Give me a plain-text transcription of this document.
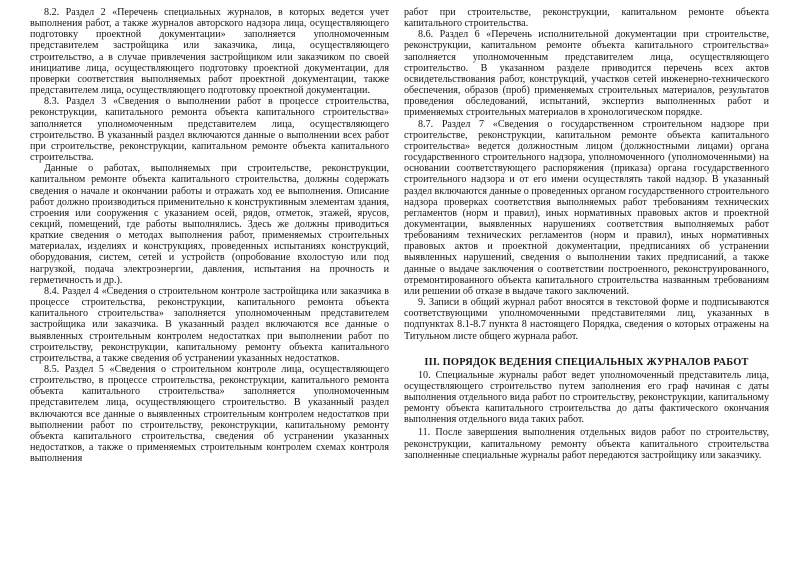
8.2. Раздел 2 «Перечень специальных журналов, в которых ведется учет выполнения работ, а также журналов авторского надзора лица, осуществляющего подготовку проектной документации» заполняется уполномоченным представителем застройщика или заказчика, лица, осуществляющего строительство, а в случае привлечения застройщиком или заказчиком по своей инициативе лица, осуществляющего подготовку проектной документации, для проверки соответствия выполняемых работ проектной документации, также представителем лица, осуществляющего подготовку проектной документации.

8.3. Раздел 3 «Сведения о выполнении работ в процессе строительства, реконструкции, капитального ремонта объекта капитального строительства» заполняется уполномоченным представителем лица, осуществляющего строительство. В указанный раздел включаются данные о выполнении всех работ при строительстве, реконструкции, капитальном ремонте объекта капитального строительства.

Данные о работах, выполняемых при строительстве, реконструкции, капитальном ремонте объекта капитального строительства, должны содержать сведения о начале и окончании работы и отражать ход ее выполнения. Описание работ должно производиться применительно к конструктивным элементам здания, строения или сооружения с указанием осей, рядов, отметок, этажей, ярусов, секций, помещений, где работы выполнялись. Здесь же должны приводиться краткие сведения о методах выполнения работ, применяемых строительных материалах, изделиях и конструкциях, проведенных испытаниях конструкций, оборудования, систем, сетей и устройств (опробование вхолостую или под нагрузкой, подача электроэнергии, давления, испытания на прочность и герметичность и др.).

8.4. Раздел 4 «Сведения о строительном контроле застройщика или заказчика в процессе строительства, реконструкции, капитального ремонта объекта капитального строительства» заполняется уполномоченным представителем застройщика или заказчика. В указанный раздел включаются все данные о выявленных строительным контролем недостатках при выполнении работ по строительству, реконструкции, капитальному ремонту объекта капитального строительства, а также сведения об устранении указанных недостатков.

8.5. Раздел 5 «Сведения о строительном контроле лица, осуществляющего строительство, в процессе строительства, реконструкции, капитального ремонта объекта капитального строительства» заполняется уполномоченным представителем лица, осуществляющего строительство. В указанный раздел включаются все данные о выявленных строительным контролем недостатков при выполнении работ по строительству, реконструкции, капитальному ремонту объекта капитального строительства, сведения об устранении указанных недостатков, а также о применяемых строительным контролем схемах контроля выполнения

работ при строительстве, реконструкции, капитальном ремонте объекта капитального строительства.

8.6. Раздел 6 «Перечень исполнительной документации при строительстве, реконструкции, капитальном ремонте объекта капитального строительства» заполняется уполномоченным представителем лица, осуществляющего строительство. В указанном разделе приводится перечень всех актов освидетельствования работ, конструкций, участков сетей инженерно-технического обеспечения, образов (проб) применяемых строительных материалов, результатов проведения обследований, испытаний, экспертиз выполненных работ и применяемых строительных материалов в хронологическом порядке.

8.7. Раздел 7 «Сведения о государственном строительном надзоре при строительстве, реконструкции, капитальном ремонте объекта капитального строительства» ведется должностным лицом (должностными лицами) органа государственного строительного надзора, уполномоченного (уполномоченными) на основании соответствующего распоряжения (приказа) органа государственного строительного надзора и от его имени осуществлять такой надзор. В указанный раздел включаются данные о проведенных органом государственного строительного надзора проверках соответствия выполняемых работ требованиям технических регламентов (норм и правил), иных нормативных правовых актов и проектной документации, выявленных нарушениях соответствия выполняемых работ требованиям технических регламентов (норм и правил), иных нормативных правовых актов и проектной документации, предписаниях об устранении выявленных нарушений, сведения о выполнении таких предписаний, а также данные о выдаче заключения о соответствии построенного, реконструированного, отремонтированного объекта капитального строительства названным требованиям или решении об отказе в выдаче такого заключений.

9. Записи в общий журнал работ вносятся в текстовой форме и подписываются соответствующими уполномоченными представителями лиц, указанных в подпунктах 8.1-8.7 пункта 8 настоящего Порядка, сведения о которых отражены на Титульном листе общего журнала работ.

III. ПОРЯДОК ВЕДЕНИЯ СПЕЦИАЛЬНЫХ ЖУРНАЛОВ РАБОТ

10. Специальные журналы работ ведет уполномоченный представитель лица, осуществляющего строительство путем заполнения его граф начиная с даты выполнения отдельного вида работ по строительству, реконструкции, капитальному ремонту объекта капитального строительства до даты фактического окончания выполнения отдельного вида таких работ.

11. После завершения выполнения отдельных видов работ по строительству, реконструкции, капитальному ремонту объекта капитального строительства заполненные специальные журналы работ передаются застройщику или заказчику.
